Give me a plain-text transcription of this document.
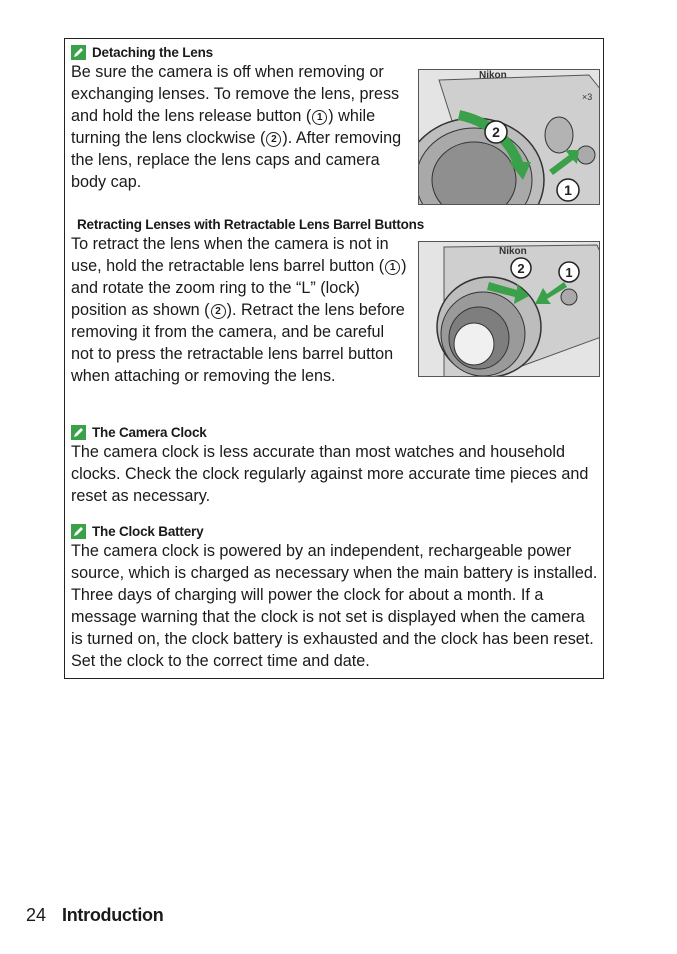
Detaching the Lens

Be sure the camera is off when removing or exchanging lenses. To remove the lens, press and hold the lens release button ( 1 ) while turning the lens clockwise ( 2 ). After removing the lens, replace the lens caps and camera body cap.

Nikon
×3
2
1
Retracting Lenses with Retractable Lens Barrel Buttons

To retract the lens when the camera is not in use, hold the retractable lens barrel button ( 1 ) and rotate the zoom ring to the “L” (lock) position as shown ( 2 ). Retract the lens before removing it from the camera, and be careful not to press the retractable lens barrel button when attaching or removing the lens.

Nikon
2	1
The Camera Clock

The camera clock is less accurate than most watches and household clocks. Check the clock regularly against more accurate time pieces and reset as necessary.

The Clock Battery

The camera clock is powered by an independent, rechargeable power source, which is charged as necessary when the main battery is installed. Three days of charging will power the clock for about a month. If a message warning that the clock is not set is displayed when the camera is turned on, the clock battery is exhausted and the clock has been reset. Set the clock to the correct time and date.

24 Introduction
